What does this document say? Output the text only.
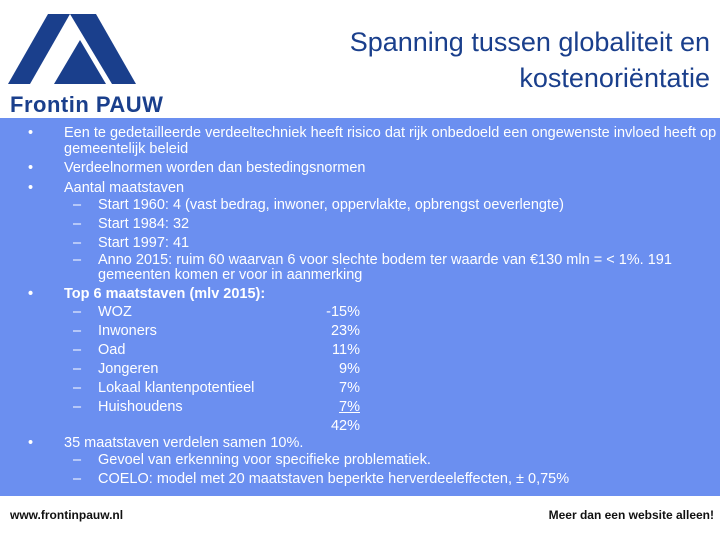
Frontin PAUW
Spanning tussen globaliteit en kostenoriëntatie
• Een te gedetailleerde verdeeltechniek heeft risico dat rijk onbedoeld een ongewenste invloed heeft op gemeentelijk beleid
• Verdeelnormen worden dan bestedingsnormen
• Aantal maatstaven
– Start 1960: 4 (vast bedrag, inwoner, oppervlakte, opbrengst oeverlengte)
– Start 1984: 32
– Start 1997: 41
– Anno 2015: ruim 60 waarvan 6 voor slechte bodem ter waarde van €130 mln = < 1%. 191 gemeenten komen er voor in aanmerking
• Top 6 maatstaven (mlv 2015):
– WOZ	-15%
– Inwoners	23%
– Oad	11%
– Jongeren	9%
– Lokaal klantenpotentieel	7%
– Huishoudens	7%
42%
• 35 maatstaven verdelen samen 10%.
– Gevoel van erkenning voor specifieke problematiek.
– COELO: model met 20 maatstaven beperkte herverdeeleffecten, ± 0,75%
www.frontinpauw.nl	Meer dan een website alleen!
